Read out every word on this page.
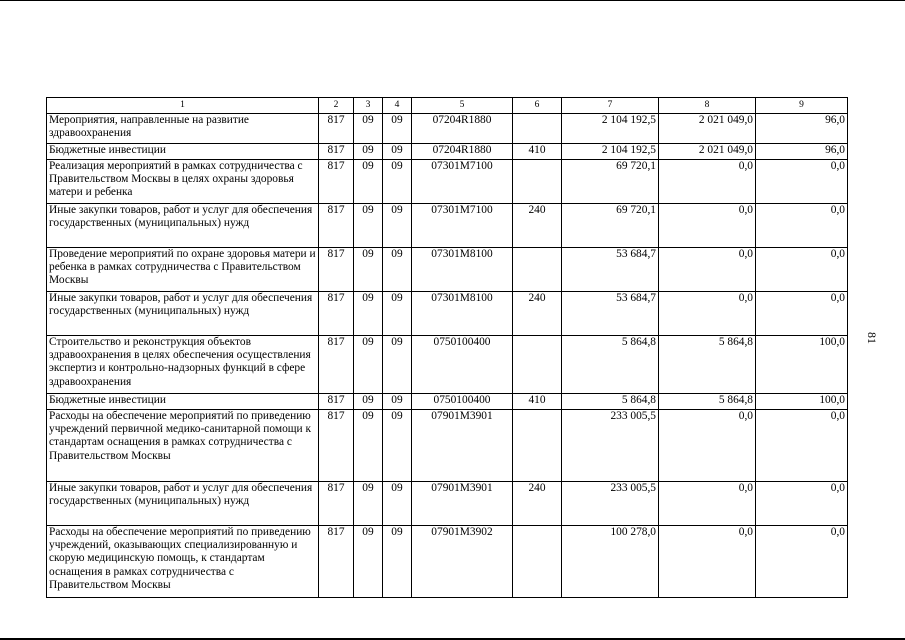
1	2	3	4	5	6	7	8	9
Мероприятия, направленные на развитие здравоохранения	817	09	09	07204R1880		2 104 192,5	2 021 049,0	96,0
Бюджетные инвестиции	817	09	09	07204R1880	410	2 104 192,5	2 021 049,0	96,0
Реализация мероприятий в рамках сотрудничества с Правительством Москвы в целях охраны здоровья матери и ребенка	817	09	09	07301M7100		69 720,1	0,0	0,0
Иные закупки товаров, работ и услуг для обеспечения государственных (муниципальных) нужд	817	09	09	07301M7100	240	69 720,1	0,0	0,0
Проведение мероприятий по охране здоровья матери и ребенка в рамках сотрудничества с Правительством Москвы	817	09	09	07301M8100		53 684,7	0,0	0,0
Иные закупки товаров, работ и услуг для обеспечения государственных (муниципальных) нужд	817	09	09	07301M8100	240	53 684,7	0,0	0,0
Строительство и реконструкция объектов здравоохранения в целях обеспечения осуществления экспертиз и контрольно-надзорных функций в сфере здравоохранения	817	09	09	0750100400		5 864,8	5 864,8	100,0
Бюджетные инвестиции	817	09	09	0750100400	410	5 864,8	5 864,8	100,0
Расходы на обеспечение мероприятий по приведению учреждений первичной медико-санитарной помощи к стандартам оснащения в рамках сотрудничества с Правительством Москвы	817	09	09	07901M3901		233 005,5	0,0	0,0
Иные закупки товаров, работ и услуг для обеспечения государственных (муниципальных) нужд	817	09	09	07901M3901	240	233 005,5	0,0	0,0
Расходы на обеспечение мероприятий по приведению учреждений, оказывающих специализированную и скорую медицинскую помощь, к стандартам оснащения в рамках сотрудничества с Правительством Москвы	817	09	09	07901M3902		100 278,0	0,0	0,0
81
